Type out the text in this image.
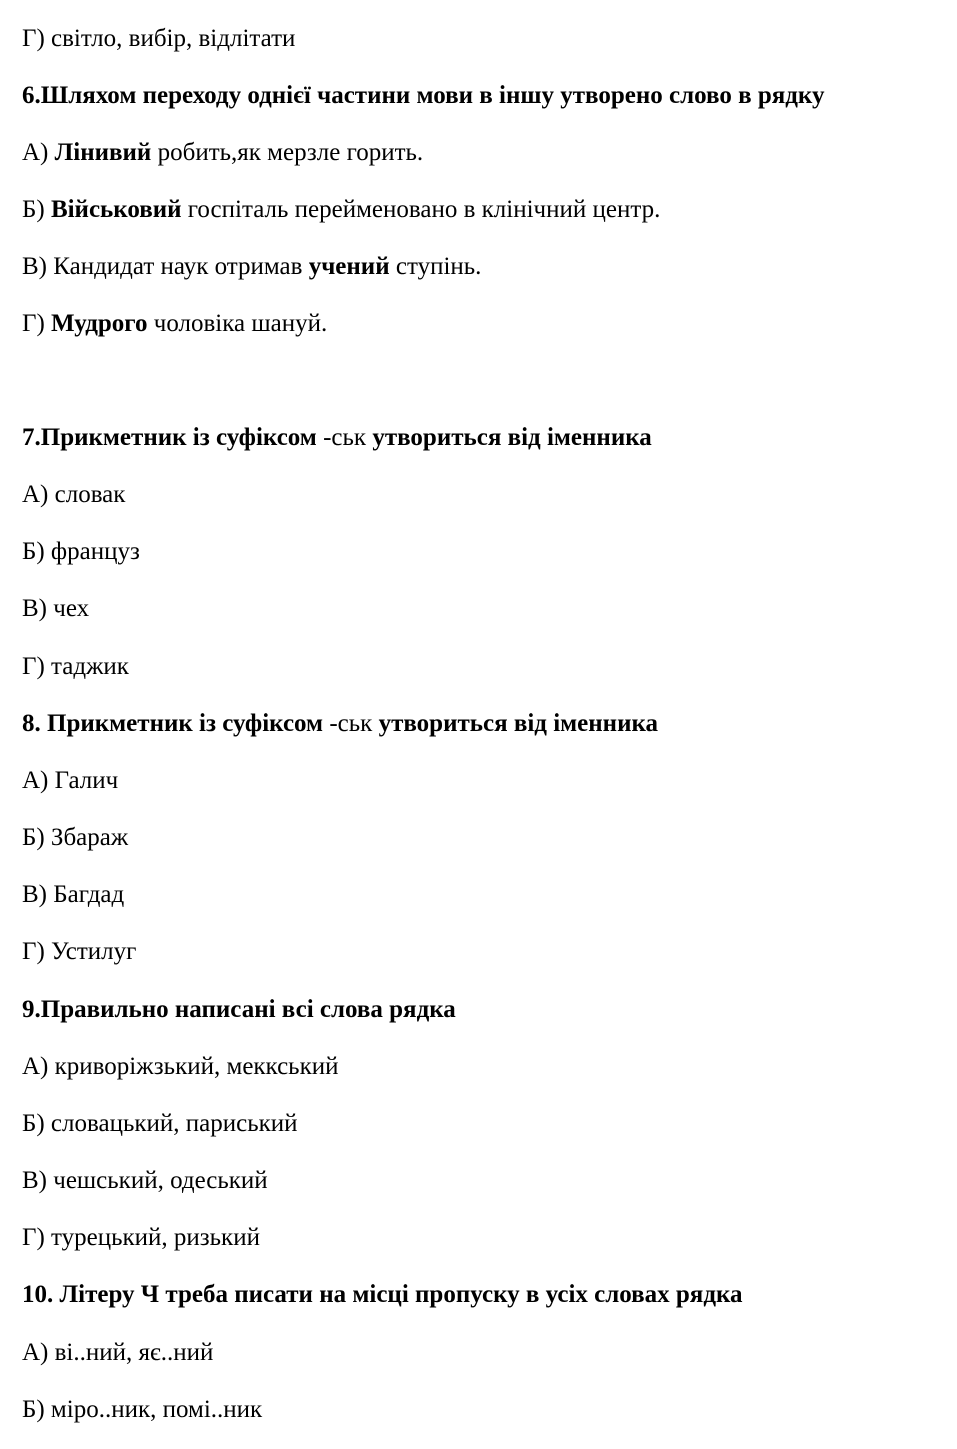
Г) світло, вибір, відлітати
6.Шляхом переходу однієї частини мови в іншу утворено слово в рядку
А) Лінивий робить,як мерзле горить.
Б) Військовий госпіталь перейменовано в клінічний центр.
В) Кандидат наук отримав учений ступінь.
Г) Мудрого чоловіка шануй.
7.Прикметник із суфіксом -ськ утвориться від іменника
А) словак
Б) француз
В) чех
Г) таджик
8. Прикметник із суфіксом -ськ утвориться від іменника
А) Галич
Б) Збараж
В) Багдад
Г) Устилуг
9.Правильно написані всі слова рядка
А) криворіжзький, меккський
Б) словацький, париський
В) чешський, одеський
Г) турецький, ризький
10. Літеру Ч треба писати на місці пропуску в усіх словах рядка
А) ві..ний, яє..ний
Б) міро..ник, помі..ник
